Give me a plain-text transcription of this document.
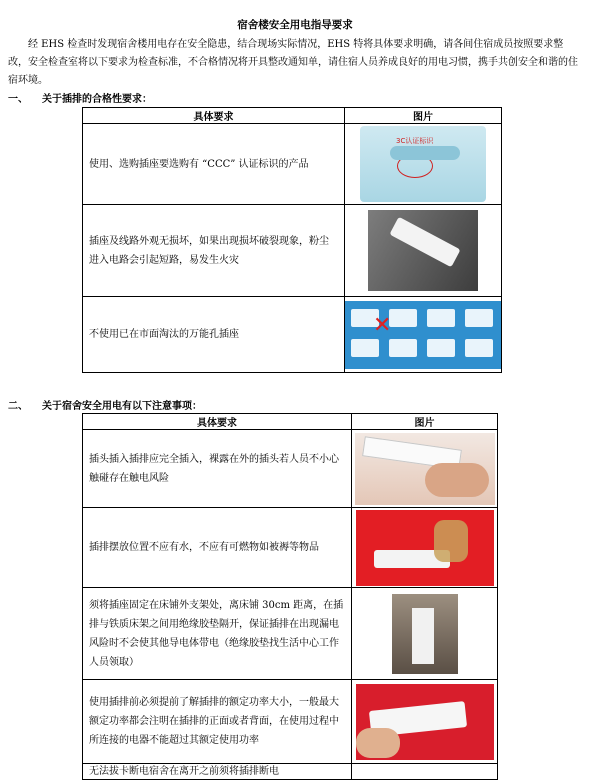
宿舍楼安全用电指导要求

经 EHS 检查时发现宿舍楼用电存在安全隐患，结合现场实际情况，EHS 特将具体要求明确，请各间住宿成员按照要求整改，安全检查室将以下要求为检查标准，不合格情况将开具整改通知单，请住宿人员养成良好的用电习惯，携手共创安全和谐的住宿环境。

一、 关于插排的合格性要求：
具体要求	图片
使用、选购插座要选购有 “CCC” 认证标识的产品	3C认证标识

插座及线路外观无损坏，如果出现损坏破裂现象，粉尘进入电路会引起短路，易发生火灾	

不使用已在市面淘汰的万能孔插座	✕
二、 关于宿舍安全用电有以下注意事项：
具体要求	图片
插头插入插排应完全插入，裸露在外的插头若人员不小心触碰存在触电风险	

插排摆放位置不应有水，不应有可燃物如被褥等物品	

须将插座固定在床铺外支架处，离床铺 30cm 距离，在插排与铁质床架之间用绝缘胶垫隔开，保证插排在出现漏电风险时不会使其他导电体带电（绝缘胶垫找生活中心工作人员领取）	

使用插排前必须提前了解插排的额定功率大小，一般最大额定功率都会注明在插排的正面或者背面，在使用过程中所连接的电器不能超过其额定使用功率	

无法拔卡断电宿舍在离开之前须将插排断电	
